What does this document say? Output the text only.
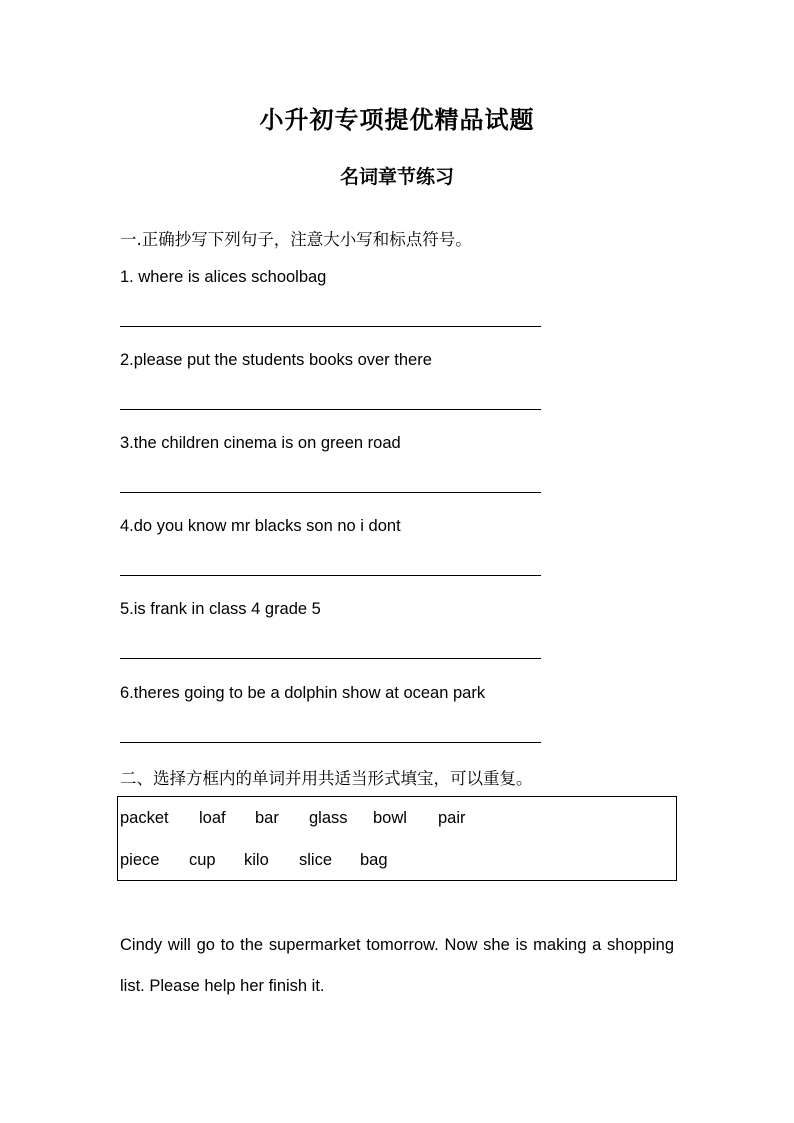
小升初专项提优精品试题
名词章节练习
一.正确抄写下列句子，注意大小写和标点符号。
1. where is alices schoolbag
2.please put the students books over there
3.the children cinema is on green road
4.do you know mr blacks son no i dont
5.is frank in class 4 grade 5
6.theres going to be a dolphin show at ocean park
二、选择方框内的单词并用共适当形式填宝，可以重复。
packet loaf bar glass bowl pair
piece cup kilo slice bag
Cindy will go to the supermarket tomorrow. Now she is making a shopping list. Please help her finish it.
